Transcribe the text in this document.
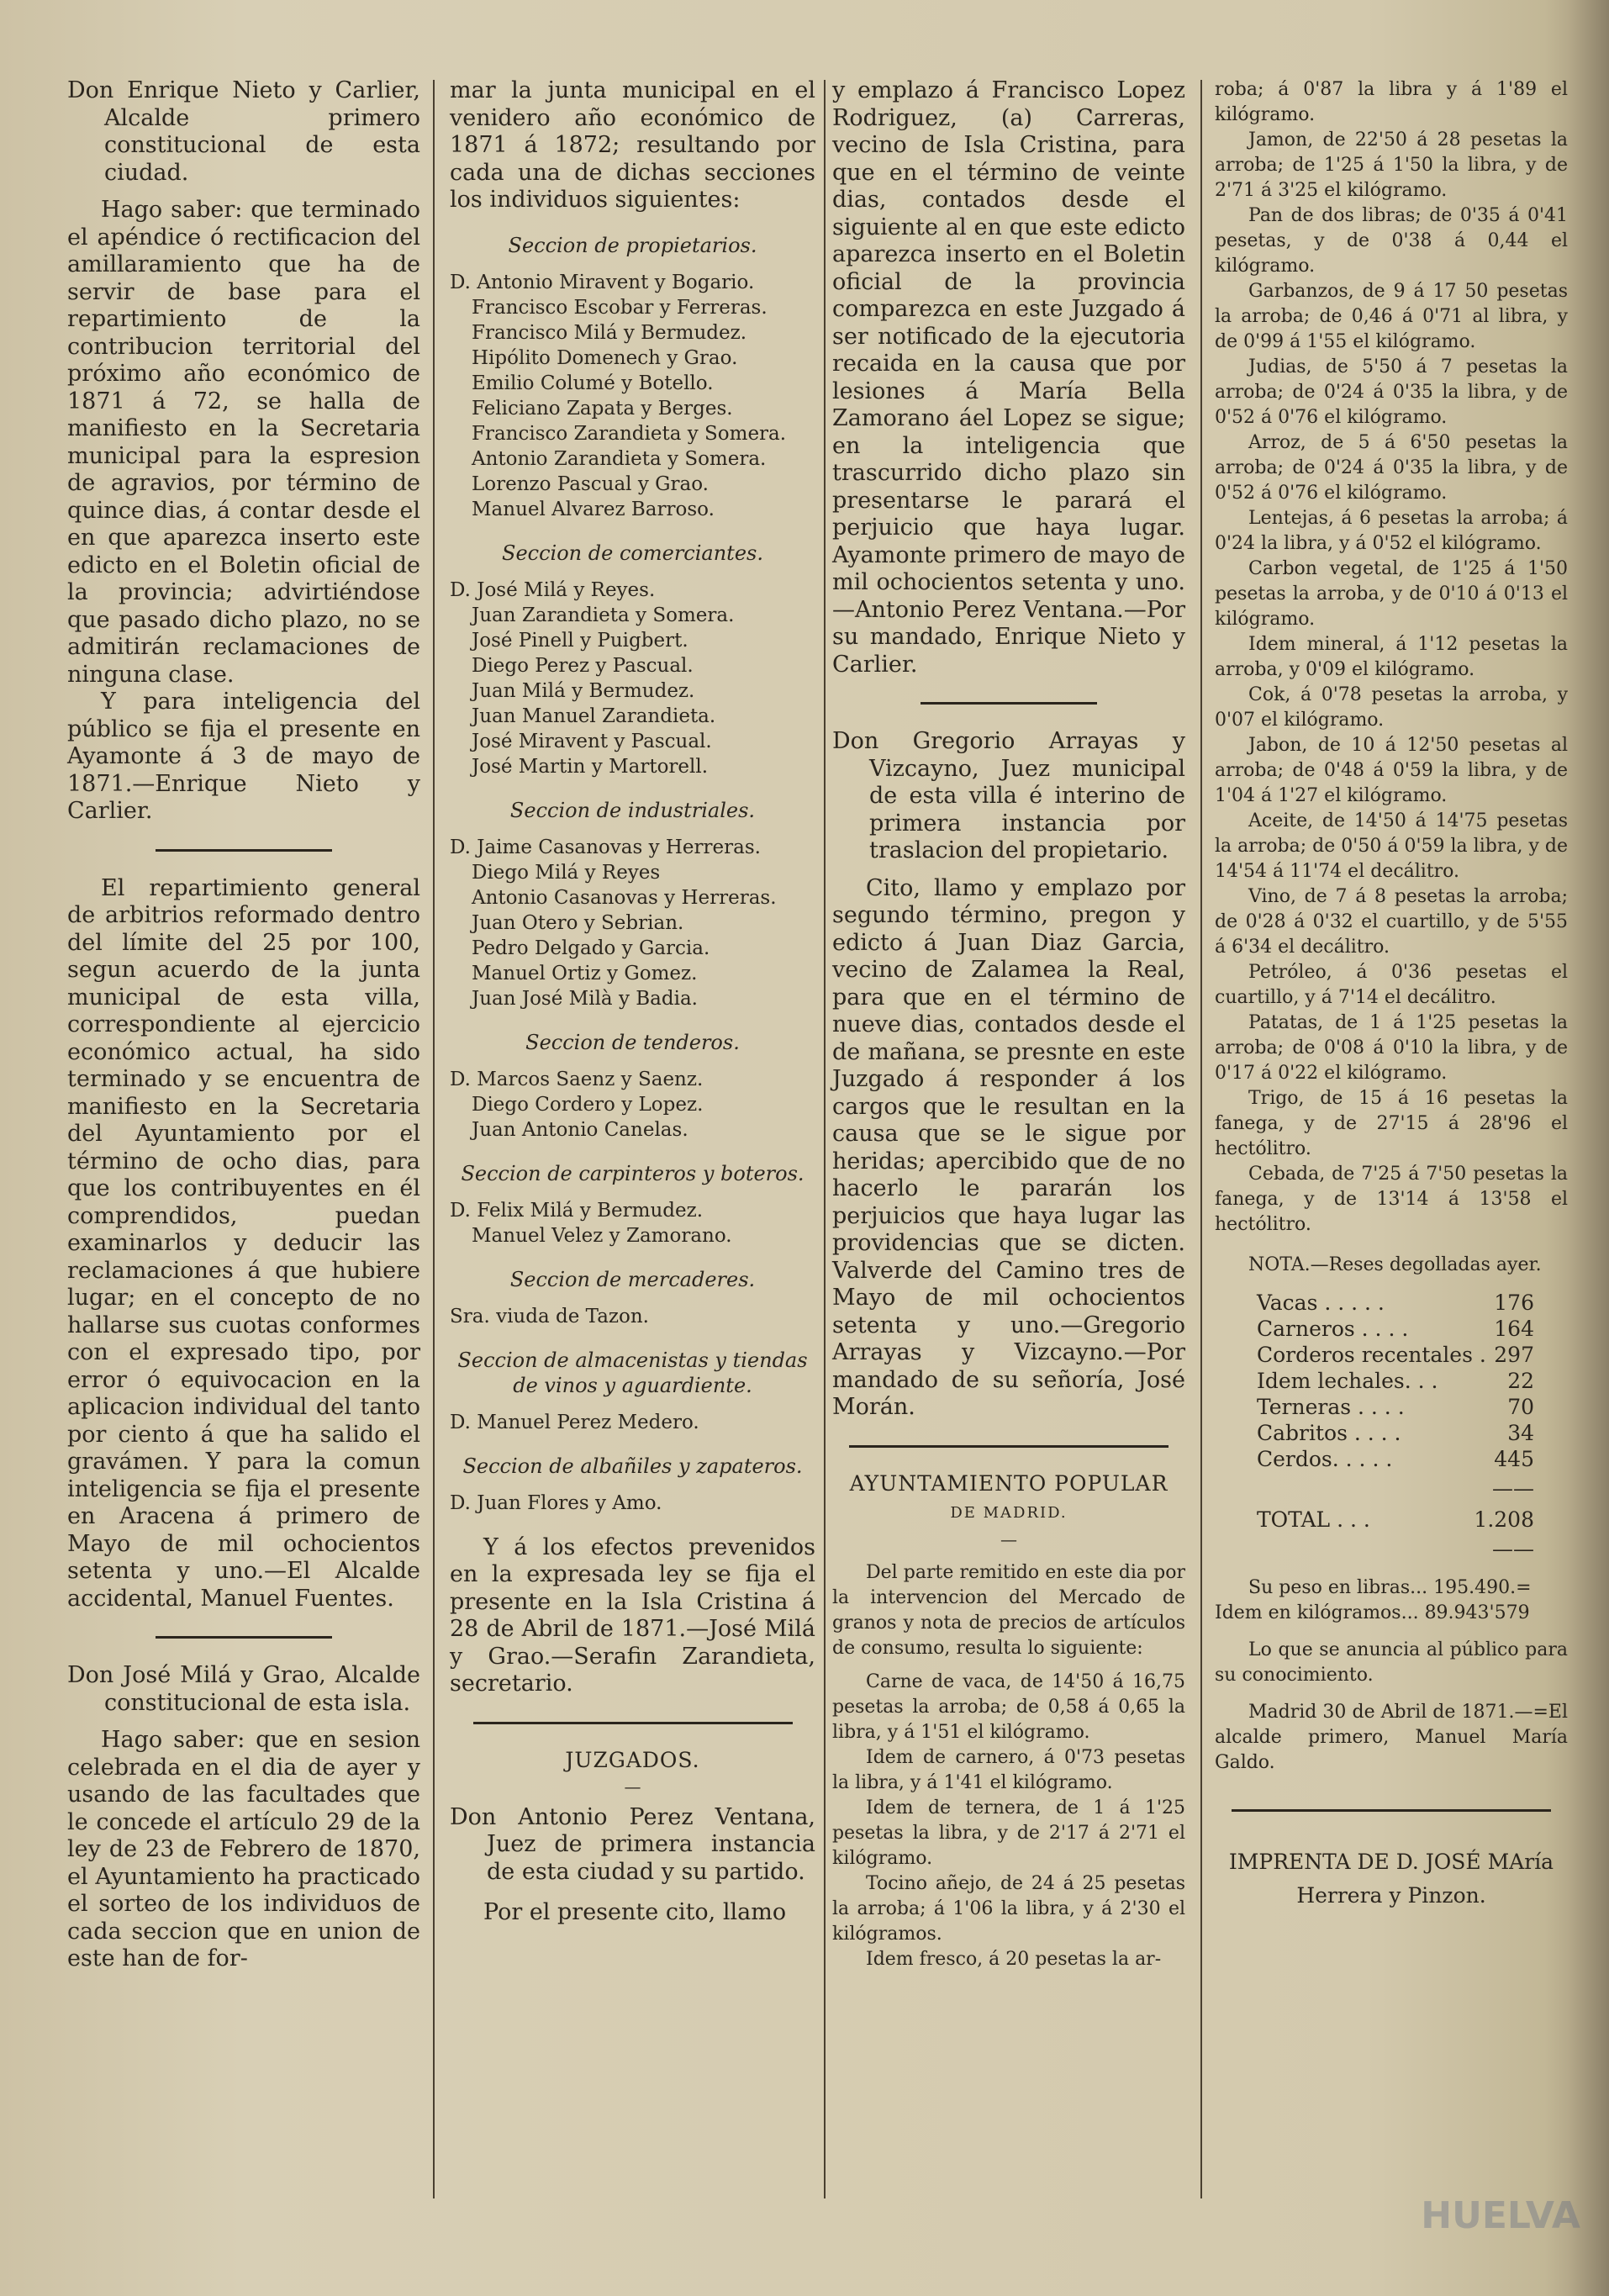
Don Enrique Nieto y Carlier, Alcalde primero constitucional de esta ciudad.

Hago saber: que terminado el apéndice ó rectificacion del amillaramiento que ha de servir de base para el repartimiento de la contribucion territorial del próximo año económico de 1871 á 72, se halla de manifiesto en la Secretaria municipal para la espresion de agravios, por término de quince dias, á contar desde el en que aparezca inserto este edicto en el Boletin oficial de la provincia; advirtiéndose que pasado dicho plazo, no se admitirán reclamaciones de ninguna clase.

Y para inteligencia del público se fija el presente en Ayamonte á 3 de mayo de 1871.—Enrique Nieto y Carlier.

El repartimiento general de arbitrios reformado dentro del límite del 25 por 100, segun acuerdo de la junta municipal de esta villa, correspondiente al ejercicio económico actual, ha sido terminado y se encuentra de manifiesto en la Secretaria del Ayuntamiento por el término de ocho dias, para que los contribuyentes en él comprendidos, puedan examinarlos y deducir las reclamaciones á que hubiere lugar; en el concepto de no hallarse sus cuotas conformes con el expresado tipo, por error ó equivocacion en la aplicacion individual del tanto por ciento á que ha salido el gravámen. Y para la comun inteligencia se fija el presente en Aracena á primero de Mayo de mil ochocientos setenta y uno.—El Alcalde accidental, Manuel Fuentes.

Don José Milá y Grao, Alcalde constitucional de esta isla.

Hago saber: que en sesion celebrada en el dia de ayer y usando de las facultades que le concede el artículo 29 de la ley de 23 de Febrero de 1870, el Ayuntamiento ha practicado el sorteo de los individuos de cada seccion que en union de este han de for-

mar la junta municipal en el venidero año económico de 1871 á 1872; resultando por cada una de dichas secciones los individuos siguientes:

Seccion de propietarios.
D. Antonio Miravent y Bogario.
Francisco Escobar y Ferreras.
Francisco Milá y Bermudez.
Hipólito Domenech y Grao.
Emilio Columé y Botello.
Feliciano Zapata y Berges.
Francisco Zarandieta y Somera.
Antonio Zarandieta y Somera.
Lorenzo Pascual y Grao.
Manuel Alvarez Barroso.
Seccion de comerciantes.
D. José Milá y Reyes.
Juan Zarandieta y Somera.
José Pinell y Puigbert.
Diego Perez y Pascual.
Juan Milá y Bermudez.
Juan Manuel Zarandieta.
José Miravent y Pascual.
José Martin y Martorell.
Seccion de industriales.
D. Jaime Casanovas y Herreras.
Diego Milá y Reyes
Antonio Casanovas y Herreras.
Juan Otero y Sebrian.
Pedro Delgado y Garcia.
Manuel Ortiz y Gomez.
Juan José Milà y Badia.
Seccion de tenderos.
D. Marcos Saenz y Saenz.
Diego Cordero y Lopez.
Juan Antonio Canelas.
Seccion de carpinteros y boteros.
D. Felix Milá y Bermudez.
Manuel Velez y Zamorano.
Seccion de mercaderes.
Sra. viuda de Tazon.
Seccion de almacenistas y tiendas de vinos y aguardiente.
D. Manuel Perez Medero.
Seccion de albañiles y zapateros.
D. Juan Flores y Amo.

Y á los efectos prevenidos en la expresada ley se fija el presente en la Isla Cristina á 28 de Abril de 1871.—José Milá y Grao.—Serafin Zarandieta, secretario.

JUZGADOS.
—

Don Antonio Perez Ventana, Juez de primera instancia de esta ciudad y su partido.

Por el presente cito, llamo

y emplazo á Francisco Lopez Rodriguez, (a) Carreras, vecino de Isla Cristina, para que en el término de veinte dias, contados desde el siguiente al en que este edicto aparezca inserto en el Boletin oficial de la provincia comparezca en este Juzgado á ser notificado de la ejecutoria recaida en la causa que por lesiones á María Bella Zamorano áel Lopez se sigue; en la inteligencia que trascurrido dicho plazo sin presentarse le parará el perjuicio que haya lugar. Ayamonte primero de mayo de mil ochocientos setenta y uno.—Antonio Perez Ventana.—Por su mandado, Enrique Nieto y Carlier.

Don Gregorio Arrayas y Vizcayno, Juez municipal de esta villa é interino de primera instancia por traslacion del propietario.

Cito, llamo y emplazo por segundo término, pregon y edicto á Juan Diaz Garcia, vecino de Zalamea la Real, para que en el término de nueve dias, contados desde el de mañana, se presnte en este Juzgado á responder á los cargos que le resultan en la causa que se le sigue por heridas; apercibido que de no hacerlo le pararán los perjuicios que haya lugar las providencias que se dicten. Valverde del Camino tres de Mayo de mil ochocientos setenta y uno.—Gregorio Arrayas y Vizcayno.—Por mandado de su señoría, José Morán.

AYUNTAMIENTO POPULAR
DE MADRID.
—

Del parte remitido en este dia por la intervencion del Mercado de granos y nota de precios de artículos de consumo, resulta lo siguiente:

Carne de vaca, de 14'50 á 16,75 pesetas la arroba; de 0,58 á 0,65 la libra, y á 1'51 el kilógramo.

Idem de carnero, á 0'73 pesetas la libra, y á 1'41 el kilógramo.

Idem de ternera, de 1 á 1'25 pesetas la libra, y de 2'17 á 2'71 el kilógramo.

Tocino añejo, de 24 á 25 pesetas la arroba; á 1'06 la libra, y á 2'30 el kilógramos.

Idem fresco, á 20 pesetas la ar-

roba; á 0'87 la libra y á 1'89 el kilógramo.

Jamon, de 22'50 á 28 pesetas la arroba; de 1'25 á 1'50 la libra, y de 2'71 á 3'25 el kilógramo.

Pan de dos libras; de 0'35 á 0'41 pesetas, y de 0'38 á 0,44 el kilógramo.

Garbanzos, de 9 á 17 50 pesetas la arroba; de 0,46 á 0'71 al libra, y de 0'99 á 1'55 el kilógramo.

Judias, de 5'50 á 7 pesetas la arroba; de 0'24 á 0'35 la libra, y de 0'52 á 0'76 el kilógramo.

Arroz, de 5 á 6'50 pesetas la arroba; de 0'24 á 0'35 la libra, y de 0'52 á 0'76 el kilógramo.

Lentejas, á 6 pesetas la arroba; á 0'24 la libra, y á 0'52 el kilógramo.

Carbon vegetal, de 1'25 á 1'50 pesetas la arroba, y de 0'10 á 0'13 el kilógramo.

Idem mineral, á 1'12 pesetas la arroba, y 0'09 el kilógramo.

Cok, á 0'78 pesetas la arroba, y 0'07 el kilógramo.

Jabon, de 10 á 12'50 pesetas al arroba; de 0'48 á 0'59 la libra, y de 1'04 á 1'27 el kilógramo.

Aceite, de 14'50 á 14'75 pesetas la arroba; de 0'50 á 0'59 la libra, y de 14'54 á 11'74 el decálitro.

Vino, de 7 á 8 pesetas la arroba; de 0'28 á 0'32 el cuartillo, y de 5'55 á 6'34 el decálitro.

Petróleo, á 0'36 pesetas el cuartillo, y á 7'14 el decálitro.

Patatas, de 1 á 1'25 pesetas la arroba; de 0'08 á 0'10 la libra, y de 0'17 á 0'22 el kilógramo.

Trigo, de 15 á 16 pesetas la fanega, y de 27'15 á 28'96 el hectólitro.

Cebada, de 7'25 á 7'50 pesetas la fanega, y de 13'14 á 13'58 el hectólitro.

NOTA.—Reses degolladas ayer.

Vacas . . . . .	176
Carneros . . . .	164
Corderos recentales . 297
Idem lechales. . .	22
Terneras . . . .	70
Cabritos . . . .	34
Cerdos. . . . .	445
——
TOTAL . . .	1.208
——

Su peso en libras... 195.490.=

Idem en kilógramos... 89.943'579

Lo que se anuncia al público para su conocimiento.

Madrid 30 de Abril de 1871.—=El alcalde primero, Manuel María Galdo.

IMPRENTA DE D. JOSÉ MAría Herrera y Pinzon.
HUELVA
